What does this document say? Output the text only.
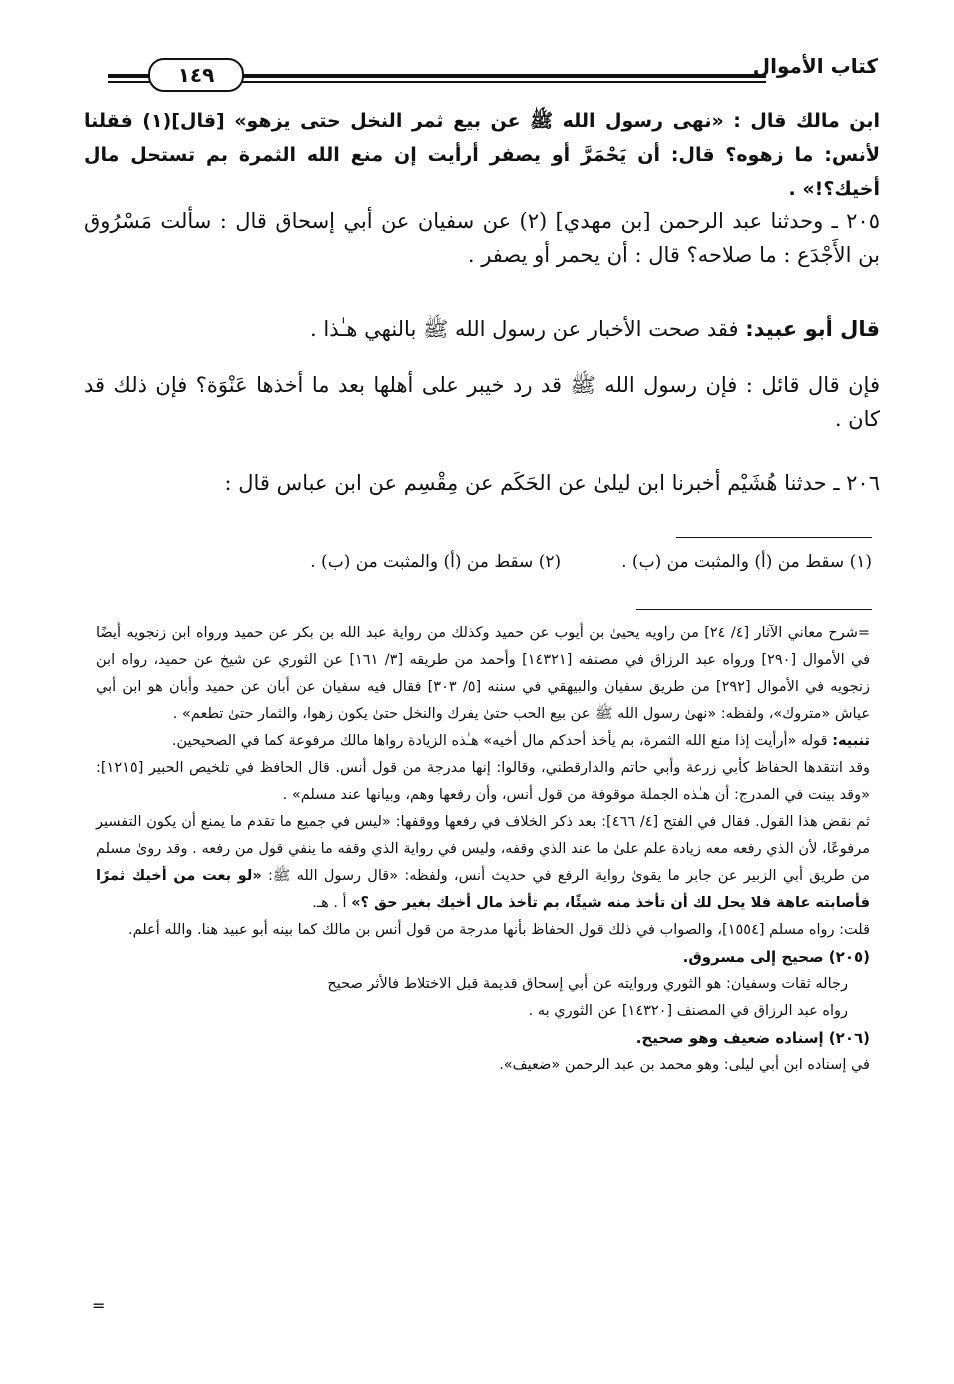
١٤٩	كتاب الأموال
ابن مالك قال : «نهى رسول الله ﷺ عن بيع ثمر النخل حتى يزهو» [قال](١) فقلنا لأنس: ما زهوه؟ قال: أن يَحْمَرَّ أو يصفر أرأيت إن منع الله الثمرة بم تستحل مال أخيك؟!» .
٢٠٥ ـ وحدثنا عبد الرحمن [بن مهدي] (٢) عن سفيان عن أبي إسحاق قال : سألت مَسْرُوق بن الأَجْدَع : ما صلاحه؟ قال : أن يحمر أو يصفر .
قال أبو عبيد: فقد صحت الأخبار عن رسول الله ﷺ بالنهي هـٰذا .
فإن قال قائل : فإن رسول الله ﷺ قد رد خيبر على أهلها بعد ما أخذها عَنْوَة؟ فإن ذلك قد كان .
٢٠٦ ـ حدثنا هُشَيْم أخبرنا ابن ليلىٰ عن الحَكَم عن مِقْسِم عن ابن عباس قال :
(١) سقط من (أ) والمثبت من (ب) .
(٢) سقط من (أ) والمثبت من (ب) .
=شرح معاني الآثار [٤/ ٢٤] من راويه يحيىٰ بن أيوب عن حميد وكذلك من رواية عبد الله بن بكر عن حميد ورواه ابن زنجويه أيضًا في الأموال [٢٩٠] ورواه عبد الرزاق في مصنفه [١٤٣٢١] وأحمد من طريقه [٣/ ١٦١] عن الثوري عن شيخ عن حميد، رواه ابن زنجويه في الأموال [٢٩٢] من طريق سفيان والبيهقي في سننه [٥/ ٣٠٣] فقال فيه سفيان عن أبان عن حميد وأبان هو ابن أبي عياش «متروك»، ولفظه: «نهىٰ رسول الله ﷺ عن بيع الحب حتىٰ يفرك والنخل حتىٰ يكون زهوا، والثمار حتىٰ تطعم» .
تنبيه: قوله «أرأيت إذا منع الله الثمرة، بم يأخذ أحدكم مال أخيه» هـٰذه الزيادة رواها مالك مرفوعة كما في الصحيحين.
وقد انتقدها الحفاظ كأبي زرعة وأبي حاتم والدارقطني، وقالوا: إنها مدرجة من قول أنس. قال الحافظ في تلخيص الحبير [١٢١٥]: «وقد بينت في المدرج: أن هـٰذه الجملة موقوفة من قول أنس، وأن رفعها وهم، وبيانها عند مسلم» .
ثم نقض هذا القول. فقال في الفتح [٤/ ٤٦٦]: بعد ذكر الخلاف في رفعها ووقفها: «ليس في جميع ما تقدم ما يمنع أن يكون التفسير مرفوعًا، لأن الذي رفعه معه زيادة علم علىٰ ما عند الذي وقفه، وليس في رواية الذي وقفه ما ينفي قول من رفعه . وقد روىٰ مسلم من طريق أبي الزبير عن جابر ما يقوىٰ رواية الرفع في حديث أنس، ولفظه: «قال رسول الله ﷺ: «لو بعت من أخيك ثمرًا فأصابته عاهة فلا يحل لك أن تأخذ منه شيئًا، بم تأخذ مال أخيك بغير حق ؟» أ . هـ.
قلت: رواه مسلم [١٥٥٤]، والصواب في ذلك قول الحفاظ بأنها مدرجة من قول أنس بن مالك كما بينه أبو عبيد هنا. والله أعلم.
(٢٠٥) صحيح إلى مسروق.
رجاله ثقات وسفيان: هو الثوري وروايته عن أبي إسحاق قديمة قبل الاختلاط فالأثر صحيح
رواه عبد الرزاق في المصنف [١٤٣٢٠] عن الثوري به .
(٢٠٦) إسناده ضعيف وهو صحيح.
في إسناده ابن أبي ليلى: وهو محمد بن عبد الرحمن «ضعيف».
=
